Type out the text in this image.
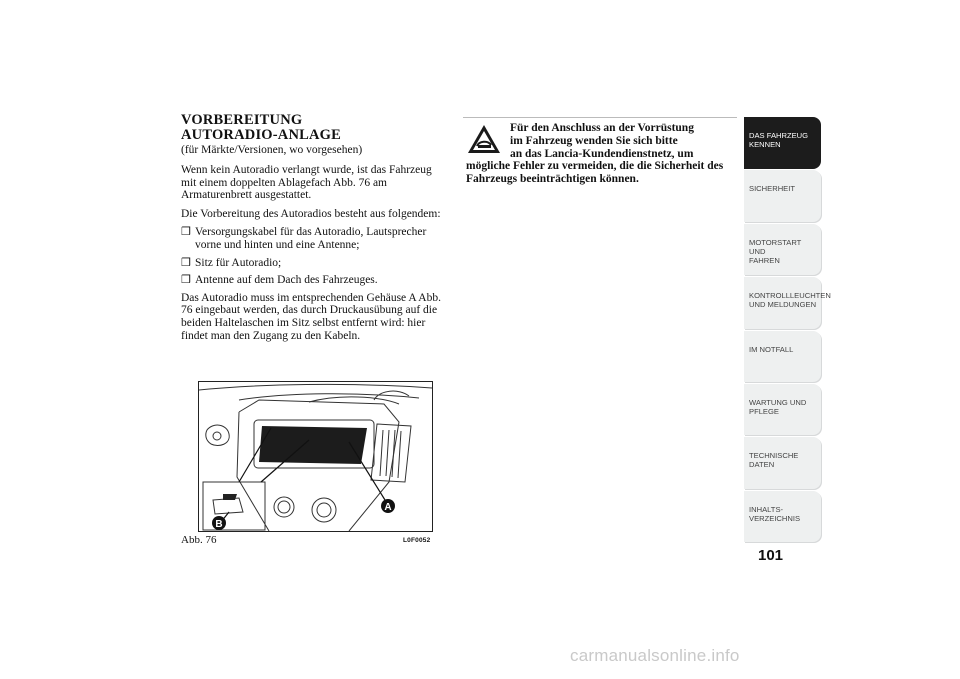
VORBEREITUNG
AUTORADIO-ANLAGE

(für Märkte/Versionen, wo vorgesehen)

Wenn kein Autoradio verlangt wurde, ist das Fahrzeug mit einem doppelten Ablagefach Abb. 76 am Armaturenbrett ausgestattet.

Die Vorbereitung des Autoradios besteht aus folgendem:

❒ Versorgungskabel für das Autoradio, Lautsprecher vorne und hinten und eine Antenne;
❒ Sitz für Autoradio;
❒ Antenne auf dem Dach des Fahrzeuges.

Das Autoradio muss im entsprechenden Gehäuse A Abb. 76 eingebaut werden, das durch Druckausübung auf die beiden Haltelaschen im Sitz selbst entfernt wird: hier findet man den Zugang zu den Kabeln.

A
B
Abb. 76	L0F0052
Für den Anschluss an der Vorrüstung
im Fahrzeug wenden Sie sich bitte
an das Lancia-Kundendienstnetz, um
mögliche Fehler zu vermeiden, die die Sicherheit des Fahrzeugs beeinträchtigen können.
DAS FAHRZEUG
KENNEN
SICHERHEIT

MOTORSTART UND
FAHREN
KONTROLLLEUCHTEN
UND MELDUNGEN
IM NOTFALL

WARTUNG UND
PFLEGE
TECHNISCHE
DATEN
INHALTS-
VERZEICHNIS
101
carmanualsonline.info
